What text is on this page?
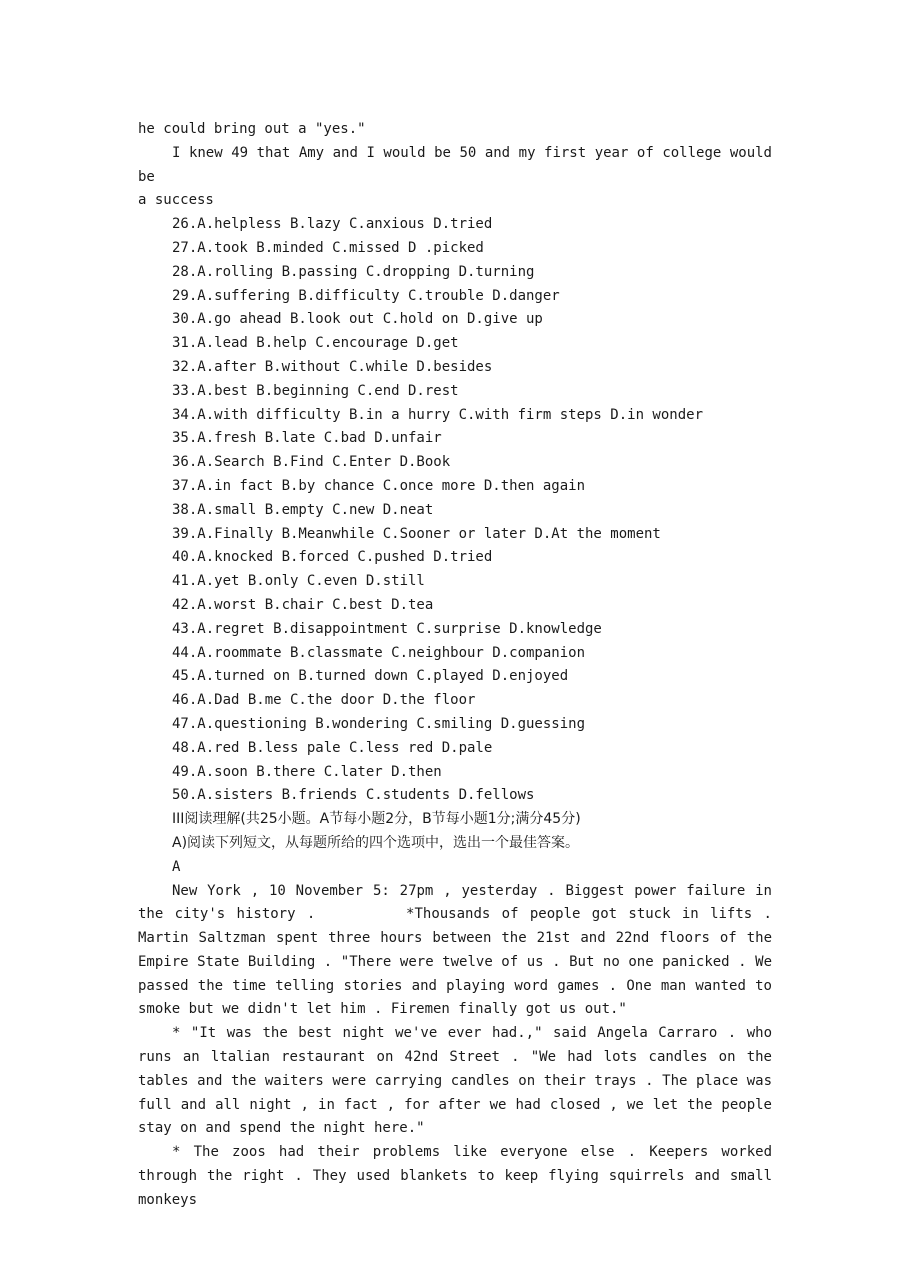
he could bring out a "yes."

I knew 49 that Amy and I would be 50 and my first year of college would be

a success

26.A.helpless B.lazy C.anxious D.tried

27.A.took B.minded C.missed D .picked

28.A.rolling B.passing C.dropping D.turning

29.A.suffering B.difficulty C.trouble D.danger

30.A.go ahead B.look out C.hold on D.give up

31.A.lead B.help C.encourage D.get

32.A.after B.without C.while D.besides

33.A.best B.beginning C.end D.rest

34.A.with difficulty B.in a hurry C.with firm steps D.in wonder

35.A.fresh B.late C.bad D.unfair

36.A.Search B.Find C.Enter D.Book

37.A.in fact B.by chance C.once more D.then again

38.A.small B.empty C.new D.neat

39.A.Finally B.Meanwhile C.Sooner or later D.At the moment

40.A.knocked B.forced C.pushed D.tried

41.A.yet B.only C.even D.still

42.A.worst B.chair C.best D.tea

43.A.regret B.disappointment C.surprise D.knowledge

44.A.roommate B.classmate C.neighbour D.companion

45.A.turned on B.turned down C.played D.enjoyed

46.A.Dad B.me C.the door D.the floor

47.A.questioning B.wondering C.smiling D.guessing

48.A.red B.less pale C.less red D.pale

49.A.soon B.there C.later D.then

50.A.sisters B.friends C.students D.fellows

III阅读理解(共25小题。A节每小题2分，B节每小题1分;满分45分)

A)阅读下列短文，从每题所给的四个选项中，选出一个最佳答案。

A

New York , 10 November 5: 27pm , yesterday . Biggest power failure in the city's history .        *Thousands of people got stuck in lifts . Martin Saltzman spent three hours between the 21st and 22nd floors of the Empire State Building . "There were twelve of us . But no one panicked . We passed the time telling stories and playing word games . One man wanted to smoke but we didn't let him . Firemen finally got us out."

* "It was the best night we've ever had.," said Angela Carraro . who runs an ltalian restaurant on 42nd Street . "We had lots candles on the tables and the waiters were carrying candles on their trays . The place was full and all night , in fact , for after we had closed , we let the people stay on and spend the night here."

* The zoos had their problems like everyone else . Keepers worked through the right . They used blankets to keep flying squirrels and small monkeys
